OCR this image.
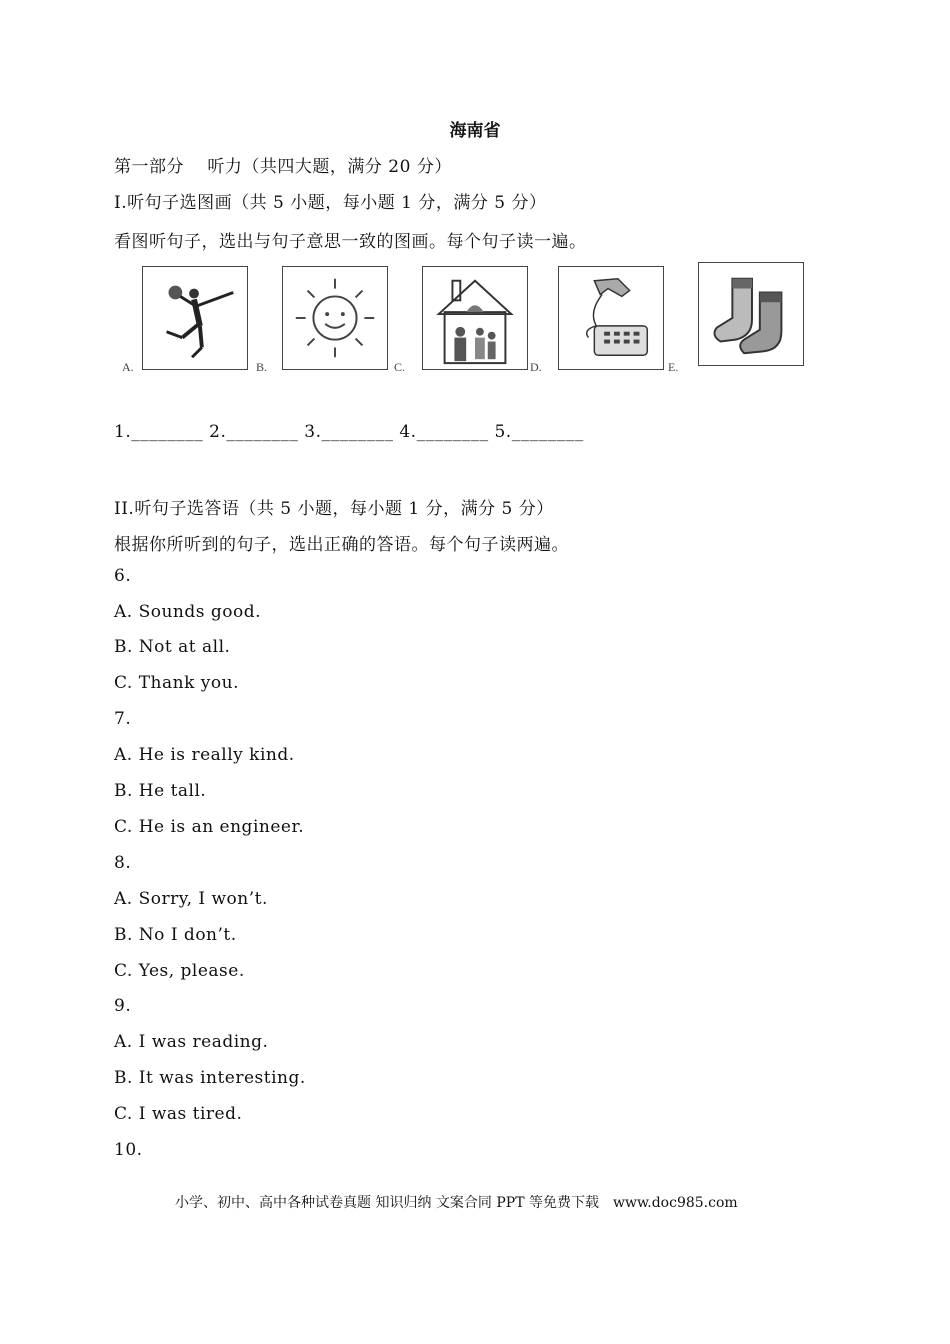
海南省
第一部分　 听力（共四大题，满分 20 分）
I.听句子选图画（共 5 小题，每小题 1 分，满分 5 分）
看图听句子，选出与句子意思一致的图画。每个句子读一遍。
A.	B.	C.	D.	E.
1.________ 2.________ 3.________ 4.________ 5.________
II.听句子选答语（共 5 小题，每小题 1 分，满分 5 分）
根据你所听到的句子，选出正确的答语。每个句子读两遍。
6.
A. Sounds good.
B. Not at all.
C. Thank you.
7.
A. He is really kind.
B. He tall.
C. He is an engineer.
8.
A. Sorry, I won’t.
B. No I don’t.
C. Yes, please.
9.
A. I was reading.
B. It was interesting.
C. I was tired.
10.
小学、初中、高中各种试卷真题 知识归纳 文案合同 PPT 等免费下载　www.doc985.com
